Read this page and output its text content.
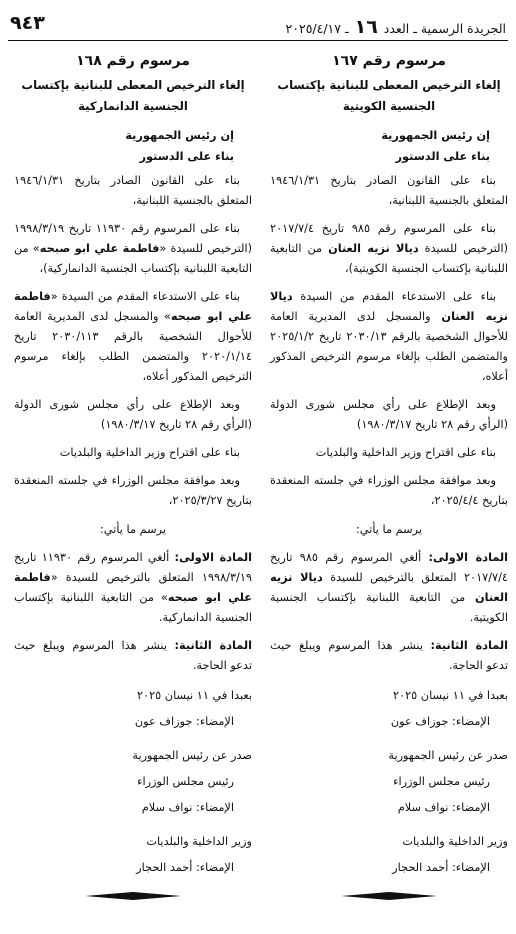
الجريدة الرسمية ـ العدد ١٦ ـ ٢٠٢٥/٤/١٧
٩٤٣
مرسوم رقم ١٦٧
إلغاء الترخيص المعطى للبنانية بإكتساب
الجنسية الكويتية
إن رئيس الجمهورية
بناء على الدستور
بناء على القانون الصادر بتاريخ ١٩٤٦/١/٣١ المتعلق بالجنسية اللبنانية،
بناء على المرسوم رقم ٩٨٥ تاريخ ٢٠١٧/٧/٤ (الترخيص للسيدة ديالا نزيه العنان من التابعية اللبنانية بإكتساب الجنسية الكويتية)،
بناء على الاستدعاء المقدم من السيدة ديالا نزيه العنان والمسجل لدى المديرية العامة للأحوال الشخصية بالرقم ٢٠٣٠/١٣ تاريخ ٢٠٢٥/١/٢ والمتضمن الطلب بإلغاء مرسوم الترخيص المذكور أعلاه،
وبعد الإطلاع على رأي مجلس شورى الدولة (الرأي رقم ٢٨ تاريخ ١٩٨٠/٣/١٧)
بناء على اقتراح وزير الداخلية والبلديات
وبعد موافقة مجلس الوزراء في جلسته المنعقدة بتاريخ ٢٠٢٥/٤/٤،
يرسم ما يأتي:
المادة الاولى: ألغي المرسوم رقم ٩٨٥ تاريخ ٢٠١٧/٧/٤ المتعلق بالترخيص للسيدة ديالا نزيه العنان من التابعية اللبنانية بإكتساب الجنسية الكويتية.
المادة الثانية: ينشر هذا المرسوم ويبلغ حيث تدعو الحاجة.
بعبدا في ١١ نيسان ٢٠٢٥
الإمضاء: جوزاف عون
صدر عن رئيس الجمهورية
رئيس مجلس الوزراء
الإمضاء: نواف سلام
وزير الداخلية والبلديات
الإمضاء: أحمد الحجار
مرسوم رقم ١٦٨
إلغاء الترخيص المعطى للبنانية بإكتساب
الجنسية الدانماركية
إن رئيس الجمهورية
بناء على الدستور
بناء على القانون الصادر بتاريخ ١٩٤٦/١/٣١ المتعلق بالجنسية اللبنانية،
بناء على المرسوم رقم ١١٩٣٠ تاريخ ١٩٩٨/٣/١٩ (الترخيص للسيدة «فاطمة علي ابو صبحه» من التابعية اللبنانية بإكتساب الجنسية الدانماركية)،
بناء على الاستدعاء المقدم من السيدة «فاطمة علي ابو صبحه» والمسجل لدى المديرية العامة للأحوال الشخصية بالرقم ٢٠٣٠/١١٣ تاريخ ٢٠٢٠/١/١٤ والمتضمن الطلب بإلغاء مرسوم الترخيص المذكور أعلاه،
وبعد الإطلاع على رأي مجلس شورى الدولة (الرأي رقم ٢٨ تاريخ ١٩٨٠/٣/١٧)
بناء على اقتراح وزير الداخلية والبلديات
وبعد موافقة مجلس الوزراء في جلسته المنعقدة بتاريخ ٢٠٢٥/٣/٢٧،
يرسم ما يأتي:
المادة الاولى: ألغي المرسوم رقم ١١٩٣٠ تاريخ ١٩٩٨/٣/١٩ المتعلق بالترخيص للسيدة «فاطمة علي ابو صبحه» من التابعية اللبنانية بإكتساب الجنسية الدانماركية.
المادة الثانية: ينشر هذا المرسوم ويبلغ حيث تدعو الحاجة.
بعبدا في ١١ نيسان ٢٠٢٥
الإمضاء: جوزاف عون
صدر عن رئيس الجمهورية
رئيس مجلس الوزراء
الإمضاء: نواف سلام
وزير الداخلية والبلديات
الإمضاء: أحمد الحجار
